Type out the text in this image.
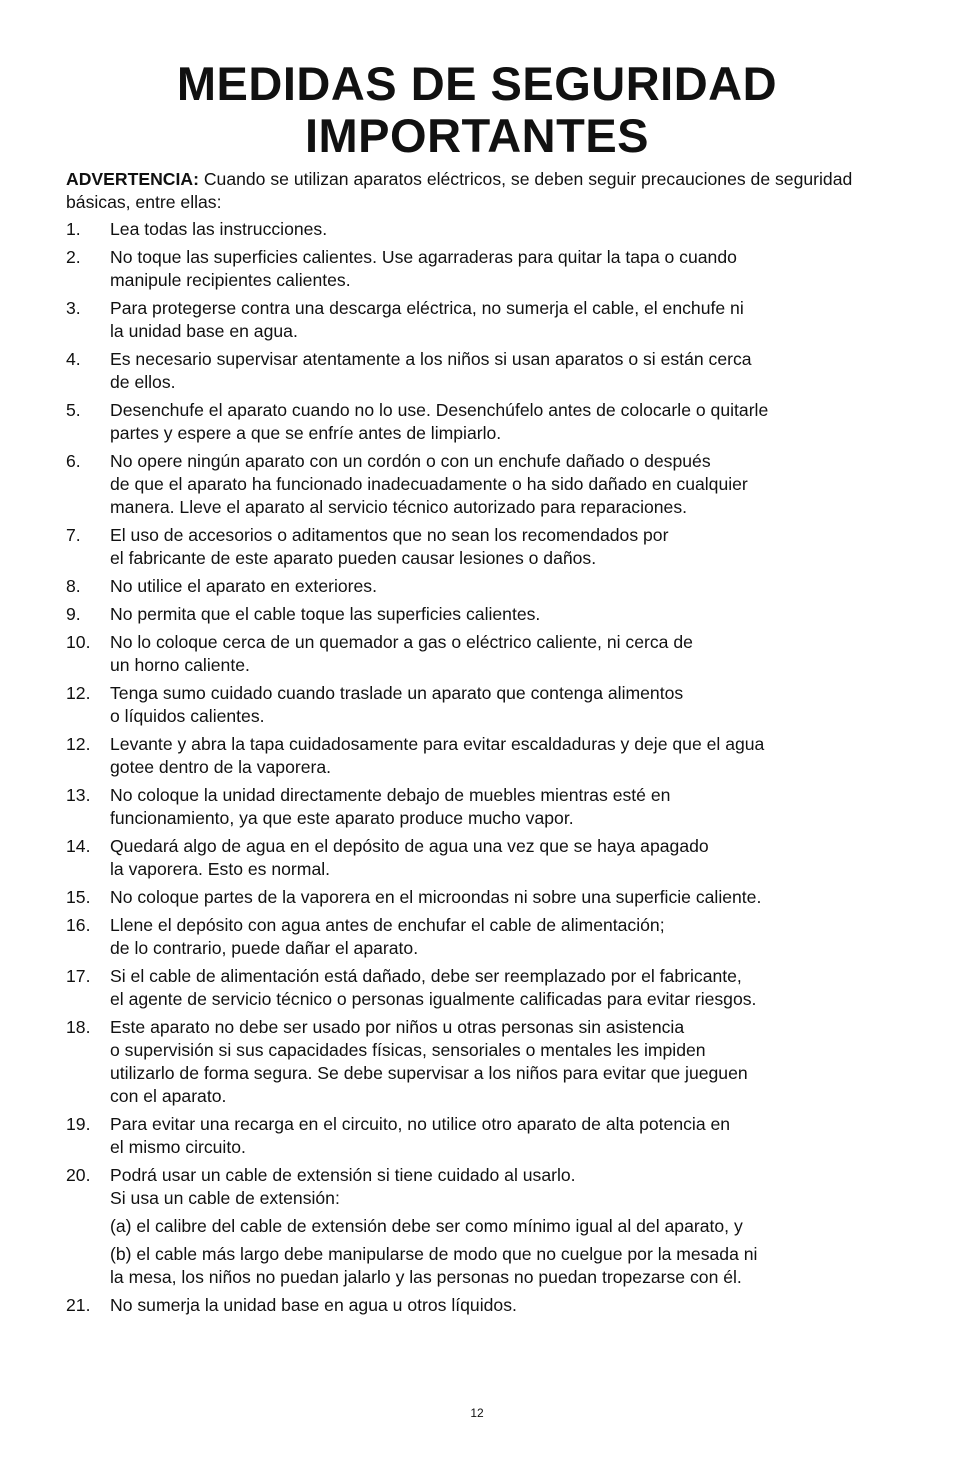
MEDIDAS DE SEGURIDAD
IMPORTANTES

ADVERTENCIA: Cuando se utilizan aparatos eléctricos, se deben seguir precauciones de seguridad básicas, entre ellas:

1. Lea todas las instrucciones.
2. No toque las superficies calientes. Use agarraderas para quitar la tapa o cuando
manipule recipientes calientes.
3. Para protegerse contra una descarga eléctrica, no sumerja el cable, el enchufe ni
la unidad base en agua.
4. Es necesario supervisar atentamente a los niños si usan aparatos o si están cerca
de ellos.
5. Desenchufe el aparato cuando no lo use. Desenchúfelo antes de colocarle o quitarle
partes y espere a que se enfríe antes de limpiarlo.
6. No opere ningún aparato con un cordón o con un enchufe dañado o después
de que el aparato ha funcionado inadecuadamente o ha sido dañado en cualquier
manera. Lleve el aparato al servicio técnico autorizado para reparaciones.
7. El uso de accesorios o aditamentos que no sean los recomendados por
el fabricante de este aparato pueden causar lesiones o daños.
8. No utilice el aparato en exteriores.
9. No permita que el cable toque las superficies calientes.
10. No lo coloque cerca de un quemador a gas o eléctrico caliente, ni cerca de
un horno caliente.
12. Tenga sumo cuidado cuando traslade un aparato que contenga alimentos
o líquidos calientes.
12. Levante y abra la tapa cuidadosamente para evitar escaldaduras y deje que el agua
gotee dentro de la vaporera.
13. No coloque la unidad directamente debajo de muebles mientras esté en
funcionamiento, ya que este aparato produce mucho vapor.
14. Quedará algo de agua en el depósito de agua una vez que se haya apagado
la vaporera. Esto es normal.
15. No coloque partes de la vaporera en el microondas ni sobre una superficie caliente.
16. Llene el depósito con agua antes de enchufar el cable de alimentación;
de lo contrario, puede dañar el aparato.
17. Si el cable de alimentación está dañado, debe ser reemplazado por el fabricante,
el agente de servicio técnico o personas igualmente calificadas para evitar riesgos.
18. Este aparato no debe ser usado por niños u otras personas sin asistencia
o supervisión si sus capacidades físicas, sensoriales o mentales les impiden
utilizarlo de forma segura. Se debe supervisar a los niños para evitar que jueguen
con el aparato.
19. Para evitar una recarga en el circuito, no utilice otro aparato de alta potencia en
el mismo circuito.
20. Podrá usar un cable de extensión si tiene cuidado al usarlo.
Si usa un cable de extensión:
(a) el calibre del cable de extensión debe ser como mínimo igual al del aparato, y
(b) el cable más largo debe manipularse de modo que no cuelgue por la mesada ni
la mesa, los niños no puedan jalarlo y las personas no puedan tropezarse con él.
21. No sumerja la unidad base en agua u otros líquidos.
12
